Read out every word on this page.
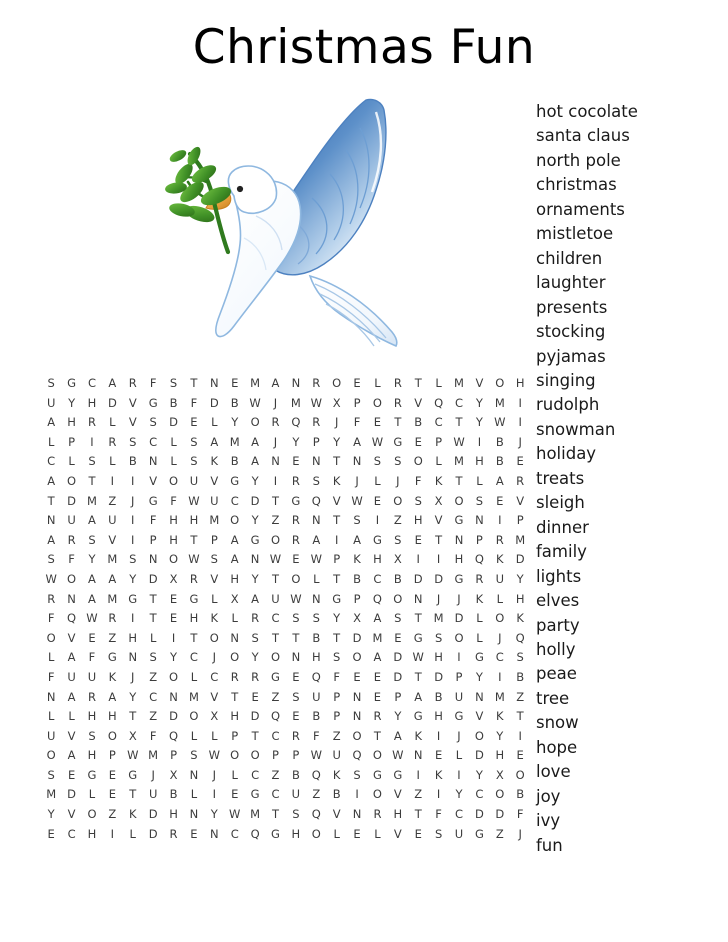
Christmas Fun
S G C A R F S T N E M A N R O E L R T L M V O H
U Y H D V G B F D B W J M W X P O R V Q C Y M I
A H R L V S D E L Y O R Q R J F E T B C T Y W I
L P I R S C L S A M A J Y P Y A W G E P W I B J
C L S L B N L S K B A N E N T N S S O L M H B E
A O T I I V O U V G Y I R S K J L J F K T L A R
T D M Z J G F W U C D T G Q V W E O S X O S E V
N U A U I F H H M O Y Z R N T S I Z H V G N I P
A R S V I P H T P A G O R A I A G S E T N P R M
S F Y M S N O W S A N W E W P K H X I I H Q K D
W O A A Y D X R V H Y T O L T B C B D D G R U Y
R N A M G T E G L X A U W N G P Q O N J J K L H
F Q W R I T E H K L R C S S Y X A S T M D L O K
O V E Z H L I T O N S T T B T D M E G S O L J Q
L A F G N S Y C J O Y O N H S O A D W H I G C S
F U U K J Z O L C R R G E Q F E E D T D P Y I B
N A R A Y C N M V T E Z S U P N E P A B U N M Z
L L H H T Z D O X H D Q E B P N R Y G H G V K T
U V S O X F Q L L P T C R F Z O T A K I J O Y I
O A H P W M P S W O O P P W U Q O W N E L D H E
S E G E G J X N J L C Z B Q K S G G I K I Y X O
M D L E T U B L I E G C U Z B I O V Z I Y C O B
Y V O Z K D H N Y W M T S Q V N R H T F C D D F
E C H I L D R E N C Q G H O L E L V E S U G Z J
hot cocolate
santa claus
north pole
christmas
ornaments
mistletoe
children
laughter
presents
stocking
pyjamas
singing
rudolph
snowman
holiday
treats
sleigh
dinner
family
lights
elves
party
holly
peae
tree
snow
hope
love
joy
ivy
fun
